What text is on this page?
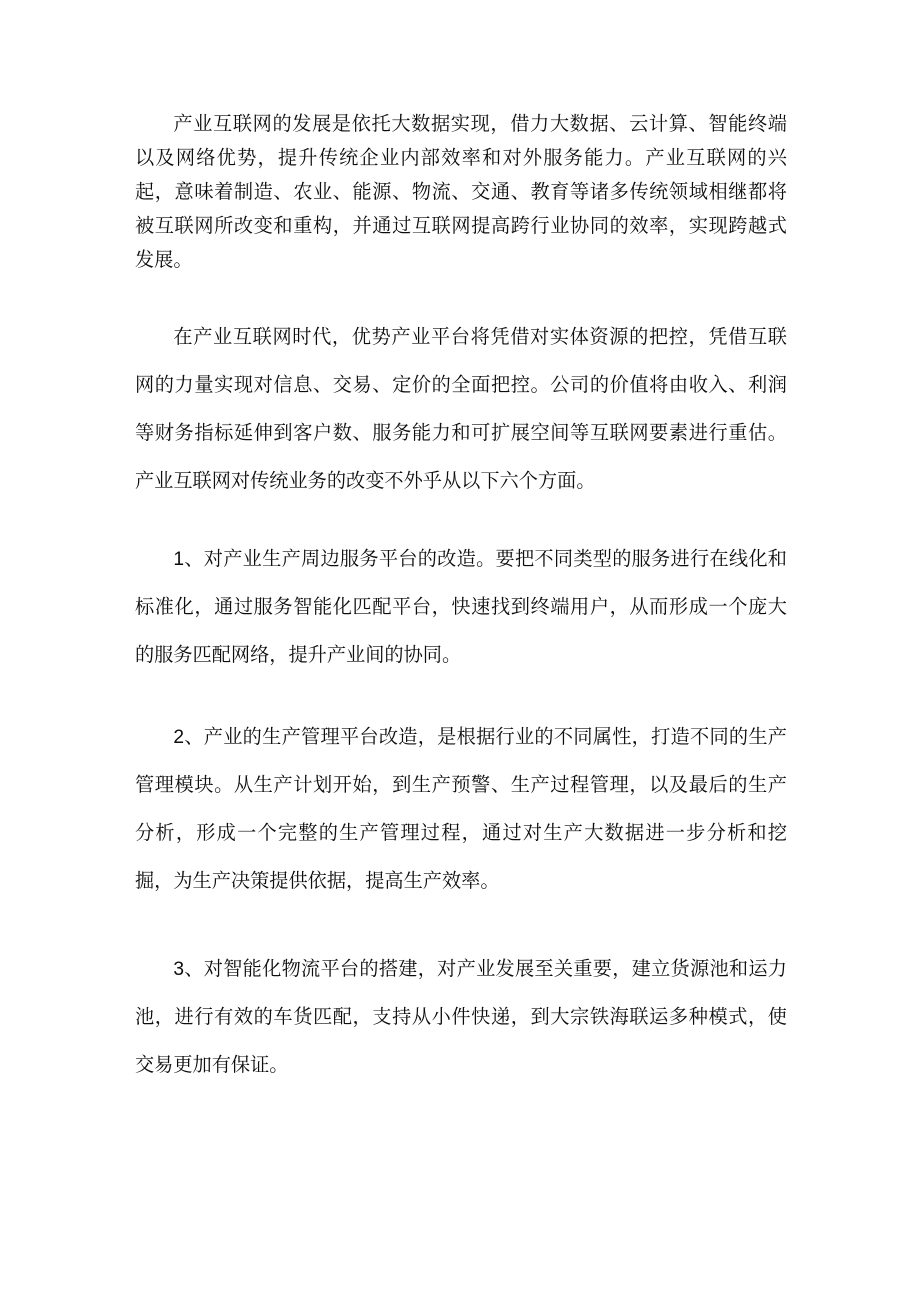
产业互联网的发展是依托大数据实现，借力大数据、云计算、智能终端以及网络优势，提升传统企业内部效率和对外服务能力。产业互联网的兴起，意味着制造、农业、能源、物流、交通、教育等诸多传统领域相继都将被互联网所改变和重构，并通过互联网提高跨行业协同的效率，实现跨越式发展。

在产业互联网时代，优势产业平台将凭借对实体资源的把控，凭借互联网的力量实现对信息、交易、定价的全面把控。公司的价值将由收入、利润等财务指标延伸到客户数、服务能力和可扩展空间等互联网要素进行重估。产业互联网对传统业务的改变不外乎从以下六个方面。

1、对产业生产周边服务平台的改造。要把不同类型的服务进行在线化和标准化，通过服务智能化匹配平台，快速找到终端用户，从而形成一个庞大的服务匹配网络，提升产业间的协同。

2、产业的生产管理平台改造，是根据行业的不同属性，打造不同的生产管理模块。从生产计划开始，到生产预警、生产过程管理，以及最后的生产分析，形成一个完整的生产管理过程，通过对生产大数据进一步分析和挖掘，为生产决策提供依据，提高生产效率。

3、对智能化物流平台的搭建，对产业发展至关重要，建立货源池和运力池，进行有效的车货匹配，支持从小件快递，到大宗铁海联运多种模式，使交易更加有保证。
